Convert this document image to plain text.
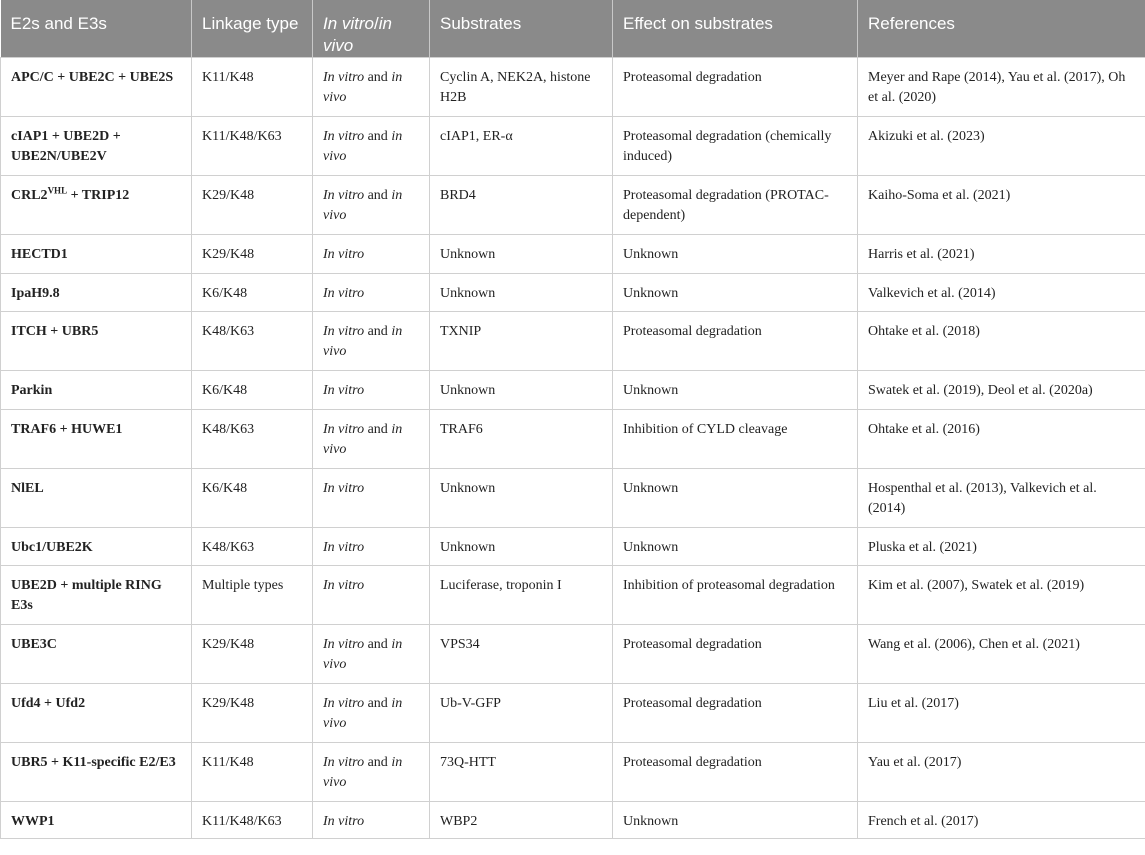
E2s and E3s	Linkage type	In vitro/in vivo	Substrates	Effect on substrates	References
APC/C + UBE2C + UBE2S	K11/K48	In vitro and in vivo	Cyclin A, NEK2A, histone H2B	Proteasomal degradation	Meyer and Rape (2014), Yau et al. (2017), Oh et al. (2020)
cIAP1 + UBE2D + UBE2N/UBE2V	K11/K48/K63	In vitro and in vivo	cIAP1, ER-α	Proteasomal degradation (chemically induced)	Akizuki et al. (2023)
$CRL2^{VHL}$ + TRIP12	K29/K48	In vitro and in vivo	BRD4	Proteasomal degradation (PROTAC-dependent)	Kaiho-Soma et al. (2021)
HECTD1	K29/K48	In vitro	Unknown	Unknown	Harris et al. (2021)
IpaH9.8	K6/K48	In vitro	Unknown	Unknown	Valkevich et al. (2014)
ITCH + UBR5	K48/K63	In vitro and in vivo	TXNIP	Proteasomal degradation	Ohtake et al. (2018)
Parkin	K6/K48	In vitro	Unknown	Unknown	Swatek et al. (2019), Deol et al. (2020a)
TRAF6 + HUWE1	K48/K63	In vitro and in vivo	TRAF6	Inhibition of CYLD cleavage	Ohtake et al. (2016)
NlEL	K6/K48	In vitro	Unknown	Unknown	Hospenthal et al. (2013), Valkevich et al. (2014)
Ubc1/UBE2K	K48/K63	In vitro	Unknown	Unknown	Pluska et al. (2021)
UBE2D + multiple RING E3s	Multiple types	In vitro	Luciferase, troponin I	Inhibition of proteasomal degradation	Kim et al. (2007), Swatek et al. (2019)
UBE3C	K29/K48	In vitro and in vivo	VPS34	Proteasomal degradation	Wang et al. (2006), Chen et al. (2021)
Ufd4 + Ufd2	K29/K48	In vitro and in vivo	Ub-V-GFP	Proteasomal degradation	Liu et al. (2017)
UBR5 + K11-specific E2/E3	K11/K48	In vitro and in vivo	73Q-HTT	Proteasomal degradation	Yau et al. (2017)
WWP1	K11/K48/K63	In vitro	WBP2	Unknown	French et al. (2017)
